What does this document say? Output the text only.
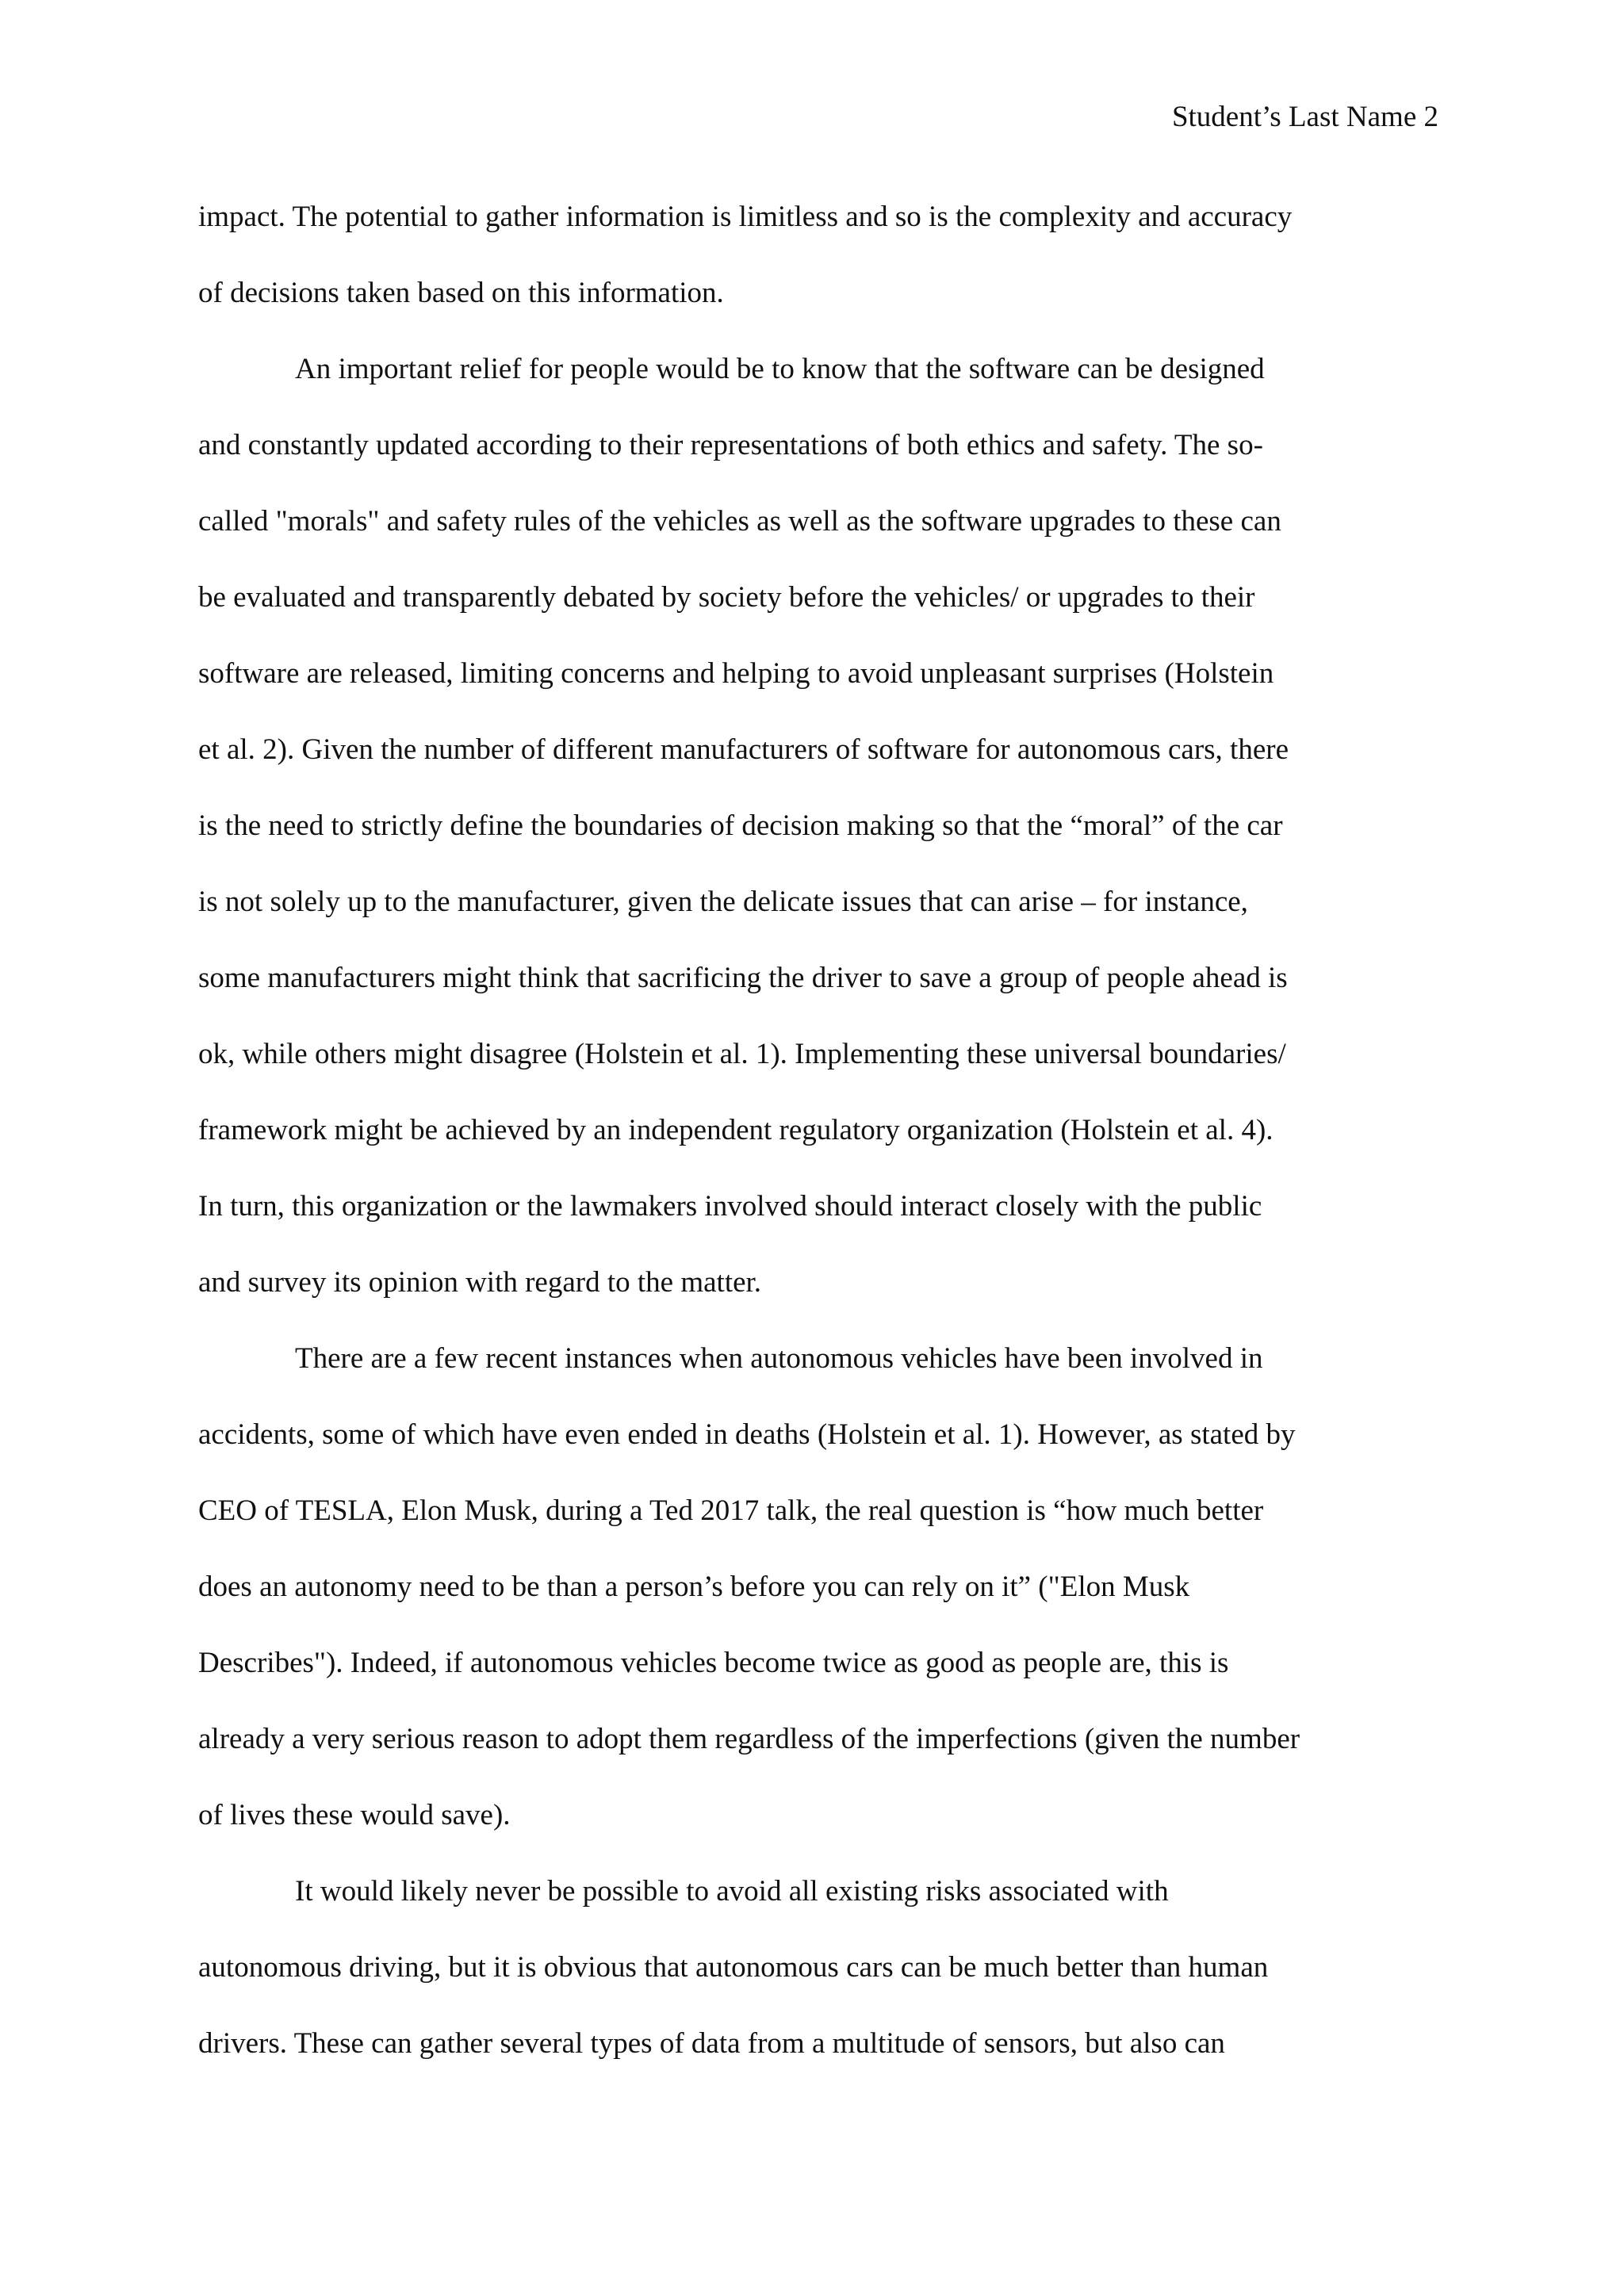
Student’s Last Name 2
impact. The potential to gather information is limitless and so is the complexity and accuracy
of decisions taken based on this information.
An important relief for people would be to know that the software can be designed
and constantly updated according to their representations of both ethics and safety. The so-
called "morals" and safety rules of the vehicles as well as the software upgrades to these can
be evaluated and transparently debated by society before the vehicles/ or upgrades to their
software are released, limiting concerns and helping to avoid unpleasant surprises (Holstein
et al. 2). Given the number of different manufacturers of software for autonomous cars, there
is the need to strictly define the boundaries of decision making so that the “moral” of the car
is not solely up to the manufacturer, given the delicate issues that can arise – for instance,
some manufacturers might think that sacrificing the driver to save a group of people ahead is
ok, while others might disagree (Holstein et al. 1). Implementing these universal boundaries/
framework might be achieved by an independent regulatory organization (Holstein et al. 4).
In turn, this organization or the lawmakers involved should interact closely with the public
and survey its opinion with regard to the matter.
There are a few recent instances when autonomous vehicles have been involved in
accidents, some of which have even ended in deaths (Holstein et al. 1). However, as stated by
CEO of TESLA, Elon Musk, during a Ted 2017 talk, the real question is “how much better
does an autonomy need to be than a person’s before you can rely on it” ("Elon Musk
Describes"). Indeed, if autonomous vehicles become twice as good as people are, this is
already a very serious reason to adopt them regardless of the imperfections (given the number
of lives these would save).
It would likely never be possible to avoid all existing risks associated with
autonomous driving, but it is obvious that autonomous cars can be much better than human
drivers. These can gather several types of data from a multitude of sensors, but also can
